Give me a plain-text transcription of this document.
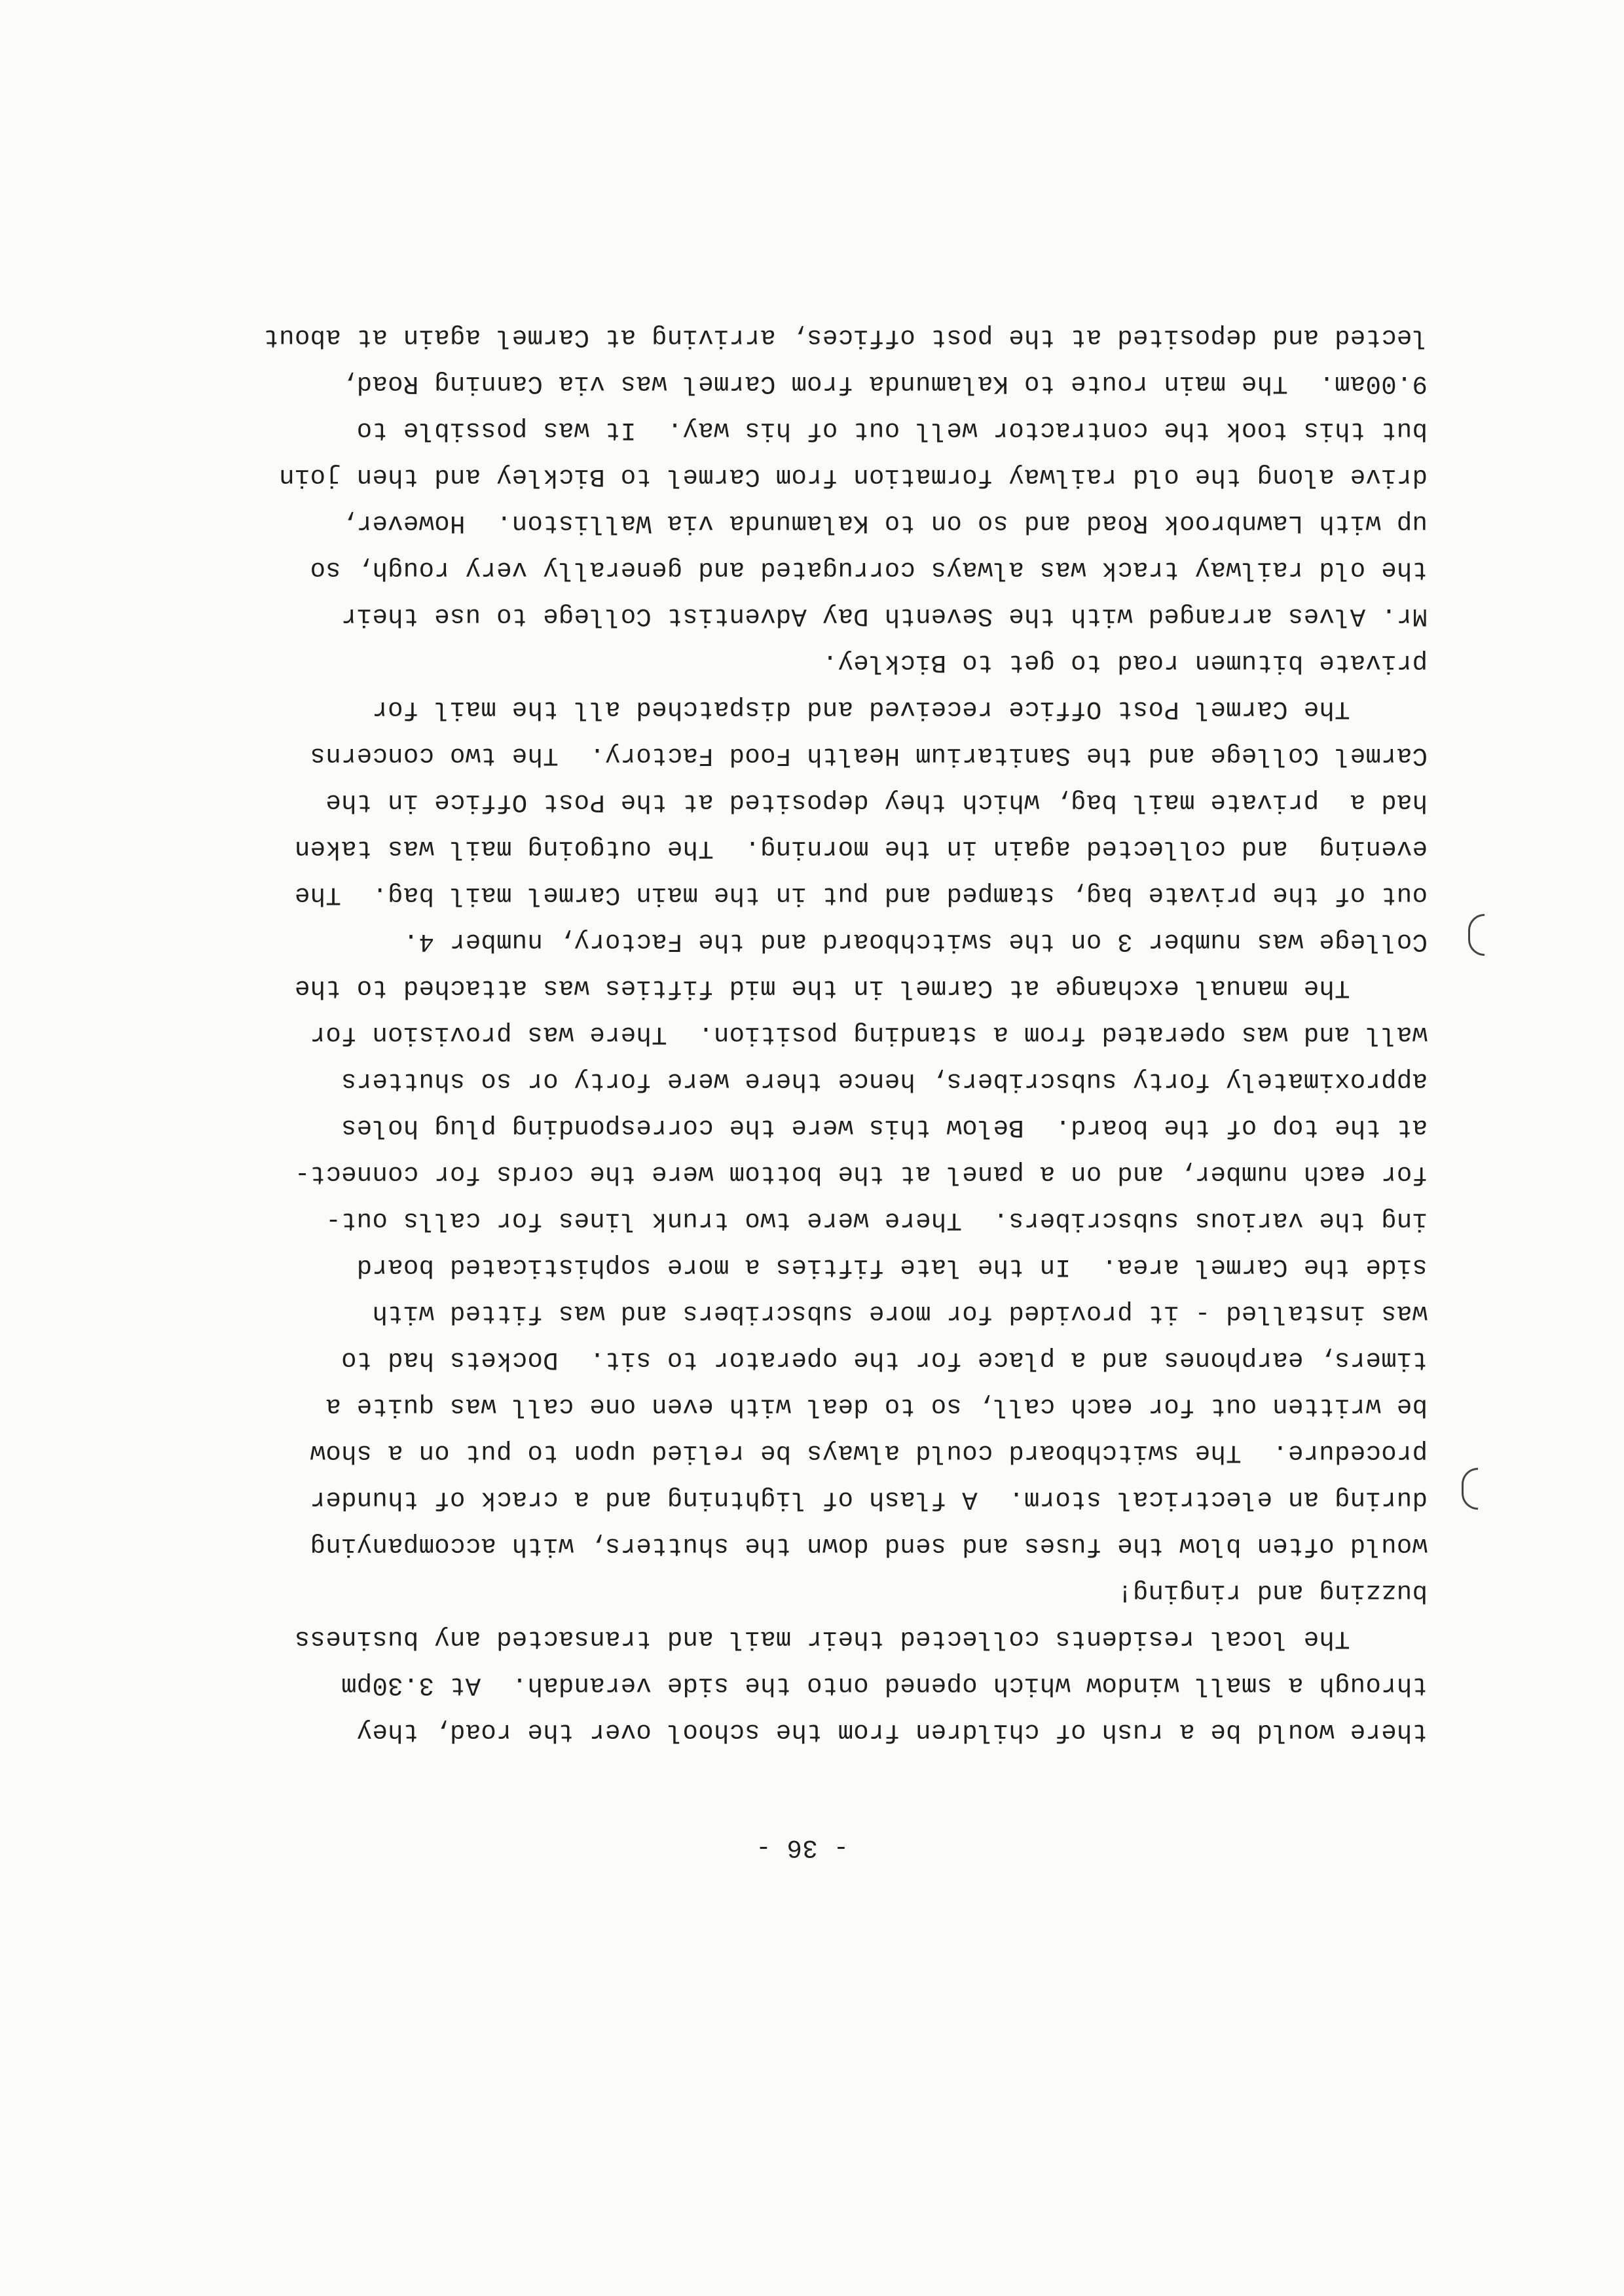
- 36 -
there would be a rush of children from the school over the road, they
through a small window which opened onto the side verandah.  At 3.30pm
The local residents collected their mail and transacted any business
buzzing and ringing!
would often blow the fuses and send down the shutters, with accompanying
during an electrical storm.  A flash of lightning and a crack of thunder
procedure.  The switchboard could always be relied upon to put on a show
be written out for each call, so to deal with even one call was quite a
timers, earphones and a place for the operator to sit.  Dockets had to
was installed - it provided for more subscribers and was fitted with
side the Carmel area.  In the late fifties a more sophisticated board
ing the various subscribers.  There were two trunk lines for calls out-
for each number, and on a panel at the bottom were the cords for connect-
at the top of the board.  Below this were the corresponding plug holes
approximately forty subscribers, hence there were forty or so shutters
wall and was operated from a standing position.  There was provision for
The manual exchange at Carmel in the mid fifties was attached to the
College was number 3 on the switchboard and the Factory, number 4.
out of the private bag, stamped and put in the main Carmel mail bag.  The
evening  and collected again in the morning.  The outgoing mail was taken
had a  private mail bag, which they deposited at the Post Office in the
Carmel College and the Sanitarium Health Food Factory.  The two concerns
The Carmel Post Office received and dispatched all the mail for
private bitumen road to get to Bickley.
Mr. Alves arranged with the Seventh Day Adventist College to use their
the old railway track was always corrugated and generally very rough, so
up with Lawnbrook Road and so on to Kalamunda via Walliston.  However,
drive along the old railway formation from Carmel to Bickley and then join
but this took the contractor well out of his way.  It was possible to
9.00am.  The main route to Kalamunda from Carmel was via Canning Road,
lected and deposited at the post offices, arriving at Carmel again at about
